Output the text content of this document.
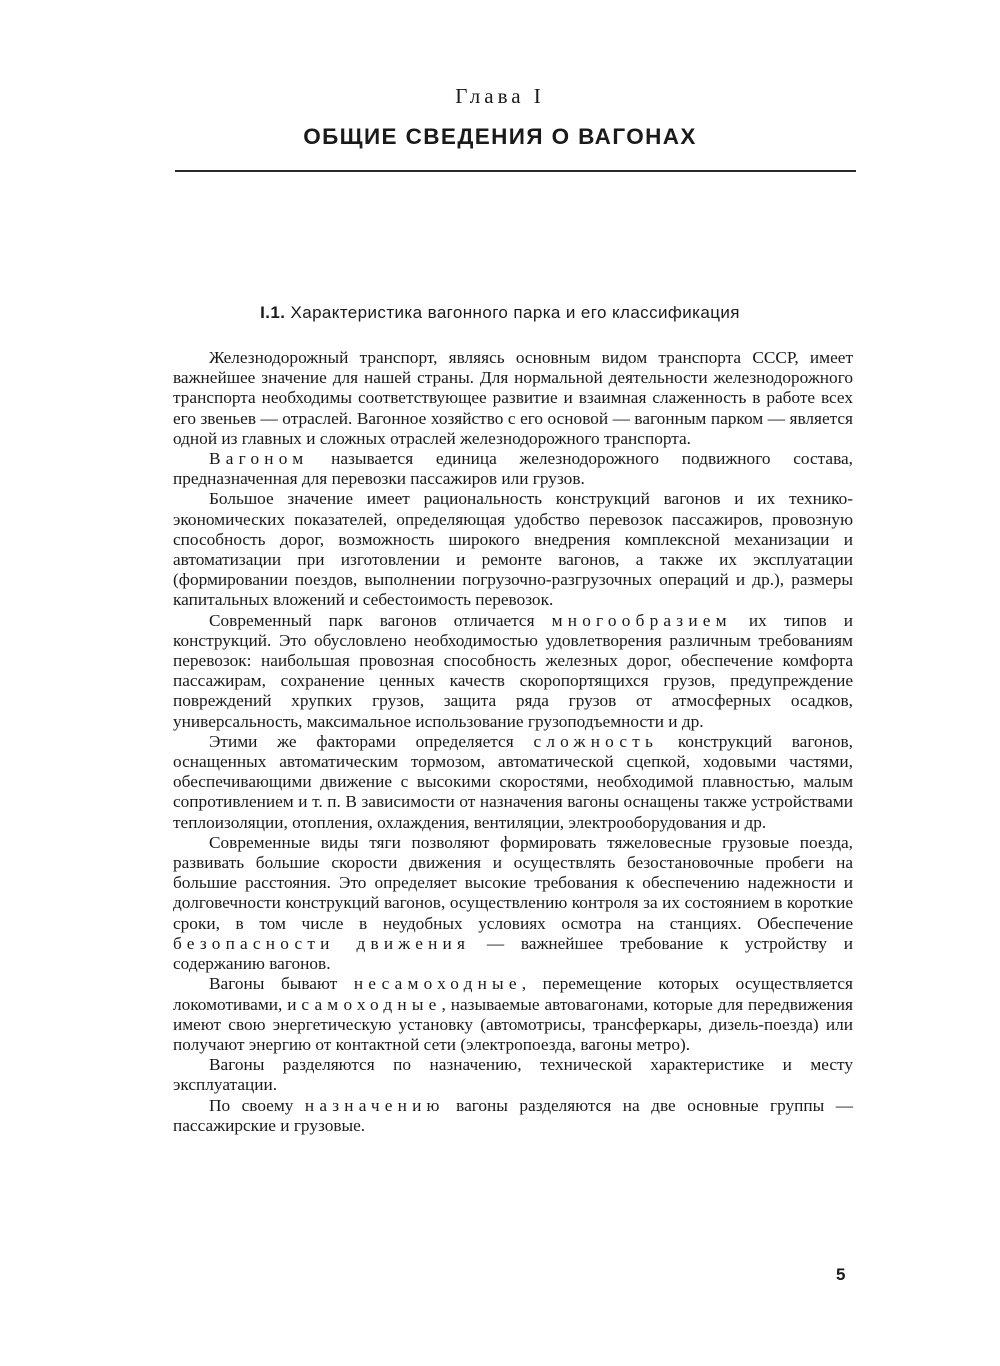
Глава I
ОБЩИЕ СВЕДЕНИЯ О ВАГОНАХ
I.1. Характеристика вагонного парка и его классификация

Железнодорожный транспорт, являясь основным видом транспорта СССР, имеет важнейшее значение для нашей страны. Для нормальной деятельности железнодорожного транспорта необходимы соответствующее развитие и взаимная слаженность в работе всех его звеньев — отраслей. Вагонное хозяйство с его основой — вагонным парком — является одной из главных и сложных отраслей железнодорожного транспорта.

Вагоном называется единица железнодорожного подвижного состава, предназначенная для перевозки пассажиров или грузов.

Большое значение имеет рациональность конструкций вагонов и их технико-экономических показателей, определяющая удобство перевозок пассажиров, провозную способность дорог, возможность широкого внедрения комплексной механизации и автоматизации при изготовлении и ремонте вагонов, а также их эксплуатации (формировании поездов, выполнении погрузочно-разгрузочных операций и др.), размеры капитальных вложений и себестоимость перевозок.

Современный парк вагонов отличается многообразием их типов и конструкций. Это обусловлено необходимостью удовлетворения различным требованиям перевозок: наибольшая провозная способность железных дорог, обеспечение комфорта пассажирам, сохранение ценных качеств скоропортящихся грузов, предупреждение повреждений хрупких грузов, защита ряда грузов от атмосферных осадков, универсальность, максимальное использование грузоподъемности и др.

Этими же факторами определяется сложность конструкций вагонов, оснащенных автоматическим тормозом, автоматической сцепкой, ходовыми частями, обеспечивающими движение с высокими скоростями, необходимой плавностью, малым сопротивлением и т. п. В зависимости от назначения вагоны оснащены также устройствами теплоизоляции, отопления, охлаждения, вентиляции, электрооборудования и др.

Современные виды тяги позволяют формировать тяжеловесные грузовые поезда, развивать большие скорости движения и осуществлять безостановочные пробеги на большие расстояния. Это определяет высокие требования к обеспечению надежности и долговечности конструкций вагонов, осуществлению контроля за их состоянием в короткие сроки, в том числе в неудобных условиях осмотра на станциях. Обеспечение безопасности движения — важнейшее требование к устройству и содержанию вагонов.

Вагоны бывают несамоходные, перемещение которых осуществляется локомотивами, и самоходные, называемые автовагонами, которые для передвижения имеют свою энергетическую установку (автомотрисы, трансферкары, дизель-поезда) или получают энергию от контактной сети (электропоезда, вагоны метро).

Вагоны разделяются по назначению, технической характеристике и месту эксплуатации.

По своему назначению вагоны разделяются на две основные группы — пассажирские и грузовые.

5
